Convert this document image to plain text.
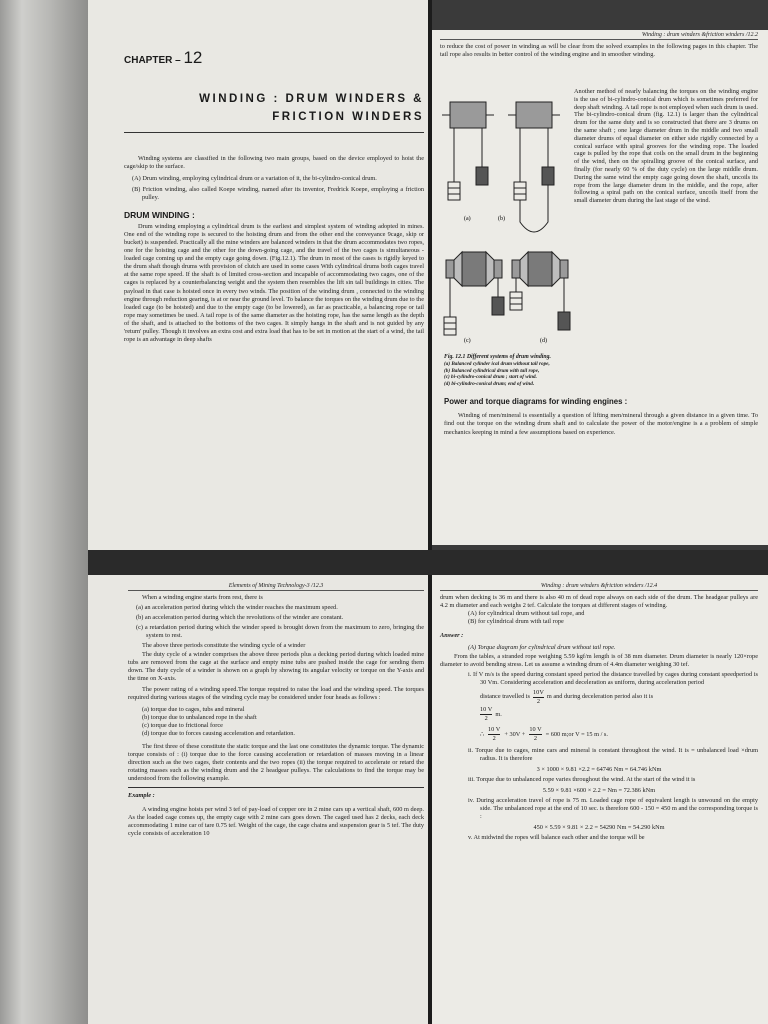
CHAPTER – 12
WINDING : DRUM WINDERS &
FRICTION WINDERS

Winding systems are classified in the following two main groups, based on the device employed to hoist the cage/skip to the surface.

(A) Drum winding, employing cylindrical drum or a variation of it, the bi-cylindro-conical drum.

(B) Friction winding, also called Koepe winding, named after its inventor, Fredrick Koepe, employing a friction pulley.

DRUM WINDING :

Drum winding employing a cylindrical drum is the earliest and simplest system of winding adopted in mines. One end of the winding rope is secured to the hoisting drum and from the other end the conveyance 9cage, skip or bucket) is suspended. Practically all the mine winders are balanced winders in that the drum accommodates two ropes, one for the hoisting cage and the other for the down-going cage, and the travel of the two cages is simultaneous - loaded cage coming up and the empty cage going down. (Fig.12.1). The drum in most of the cases is rigidly keyed to the drum shaft though drums with provision of clutch are used in some cases With cylindrical drums both cages travel at the same rope speed. If the shaft is of limited cross-section and incapable of accommodating two cages, one of the cages is replaced by a counterbalancing weight and the system then resembles the lift sin tall buildings in cities. The payload in that case is hoisted once in every two winds. The position of the winding drum , connected to the winding engine through reduction gearing, is at or near the ground level. To balance the torques on the winding drum due to the loaded cage (to be hoisted) and due to the empty cage (to be lowered), as far as practicable, a balancing rope or tail rope may sometimes be used. A tail rope is of the same diameter as the hoisting rope, has the same length as the depth of the shaft, and is attached to the bottoms of the two cages. It simply hangs in the shaft and is not guided by any 'return' pulley. Though it involves an extra cost and extra load that has to be set in motion at the start of a wind, the tail rope is an advantage in deep shafts

Winding : drum winders &friction winders /12.2

to reduce the cost of power in winding as will be clear from the solved examples in the following pages in this chapter. The tail rope also results in better control of the winding engine and in smoother winding.

(a)	(b)
(c)	(d)

Another method of nearly balancing the torques on the winding engine is the use of bi-cylindro-conical drum which is sometimes preferred for deep shaft winding. A tail rope is not employed when such drum is used. The bi-cylindro-conical drum (fig. 12.1) is larger than the cylindrical drum for the same duty and is so constructed that there are 3 drums on the same shaft ; one large diameter drum in the middle and two small diameter drums of equal diameter on either side rigidly connected by a conical surface with spiral grooves for the winding rope. The loaded cage is pulled by the rope that coils on the small drum in the beginning of the wind, then on the spiralling groove of the conical surface, and finally (for nearly 60 % of the duty cycle) on the large middle drum. During the same wind the empty cage going down the shaft, uncoils its rope from the large diameter drum in the middle, and the rope, after following a spiral path on the conical surface, uncoils itself from the small diameter drum during the last stage of the wind.

Fig. 12.1 Different systems of drum winding.

(a) Balanced cylinder ical drum without tail rope,

(b) Balanced cylindrical drum with tail rope,

(c) bi-cylindro-conical drum ; start of wind.

(d) bi-cylindro-conical drum; end of wind.

Power and torque diagrams for winding engines :

Winding of men/mineral is essentially a question of lifting men/mineral through a given distance in a given time. To find out the torque on the winding drum shaft and to calculate the power of the motor/engine is a a problem of simple mechanics keeping in mind a few assumptions based on experience.

Elements of Mining Technology-3 /12.3

When a winding engine starts from rest, there is

(a) an acceleration period during which the winder reaches the maximum speed.

(b) an acceleration period during which the revolutions of the winder are constant.

(c) a retardation period during which the winder speed is brought down from the maximum to zero, bringing the system to rest.

The above three periods constitute the winding cycle of a winder

The duty cycle of a winder comprises the above three periods plus a decking period during which loaded mine tubs are removed from the cage at the surface and empty mine tubs are pushed inside the cage for sending them down. The duty cycle of a winder is shown on a graph by showing its angular velocity or torque on the Y-axis and the time on X-axis.

The power rating of a winding speed.The torque required to raise the load and the winding speed. The torques required during various stages of the winding cycle may be considered under four heads as follows :

(a) torque due to cages, tubs and mineral

(b) torque due to unbalanced rope in the shaft

(c) torque due to frictional force

(d) torque due to forces causing acceleration and retardation.

The first three of these constitute the static torque and the last one constitutes the dynamic torque. The dynamic torque consists of : (i) torque due to the force causing acceleration or retardation of masses moving in a linear direction such as the two cages, their contents and the two ropes (ii) the torque required to accelerate or retard the rotating masses such as the winding drum and the 2 headgear pulleys. The calculations to find the torque may be understood from the following example.

Example :

A winding engine hoists per wind 3 tef of pay-load of copper ore in 2 mine cars up a vertical shaft, 600 m deep. As the loaded cage comes up, the empty cage with 2 mine cars goes down. The caged used has 2 decks, each deck accommodating 1 mine car of tare 0.75 tef. Weight of the cage, the cage chains and suspension gear is 5 tef. The duty cycle consists of acceleration 10

Winding : drum winders &friction winders /12.4

drum when decking is 36 m and there is also 40 m of dead rope always on each side of the drum. The headgear pulleys are 4.2 m diameter and each weighs 2 tef. Calculate the torques at different stages of winding.

(A) for cylindrical drum without tail rope, and

(B) for cylindrical drum with tail rope

Answer :

(A) Torque diagram for cylindrical drum without tail rope.

From the tables, a stranded rope weighing 5.59 kgf/m length is of 38 mm diameter. Drum diameter is nearly 120×rope diameter to avoid bending stress. Let us assume a winding drum of 4.4m diameter weighing 30 tef.

i. If V m/s is the speed during constant speed period the distance travelled by cages during constant speedperiod is 30 Vm. Considering acceleration and deceleration as uniform, during acceleration period

distance travelled is $\frac{10V}{2}$ m and during deceleration period also it is
$\frac{10 V}{2} m$.
∴ $\frac{10 V}{2} + 30V + \frac{10 V}{2} = 600$ m;or V = 15 m / s.

ii. Torque due to cages, mine cars and mineral is constant throughout the wind. It is = unbalanced load ×drum radius. It is therefore

3 × 1000 × 9.81 ×2.2 = 64746 Nm = 64.746 kNm

iii. Torque due to unbalanced rope varies throughout the wind. At the start of the wind it is

5.59 × 9.81 ×600 × 2.2 = Nm = 72.386 kNm

iv. During acceleration travel of rope is 75 m. Loaded cage rope of equivalent length is unwound on the empty side. The unbalanced rope at the end of 10 sec. is therefore 600 - 150 = 450 m and the corresponding torque is :

450 × 5.59 × 9.81 × 2.2 = 54290 Nm = 54.290 kNm

v. At midwind the ropes will balance each other and the torque will be
